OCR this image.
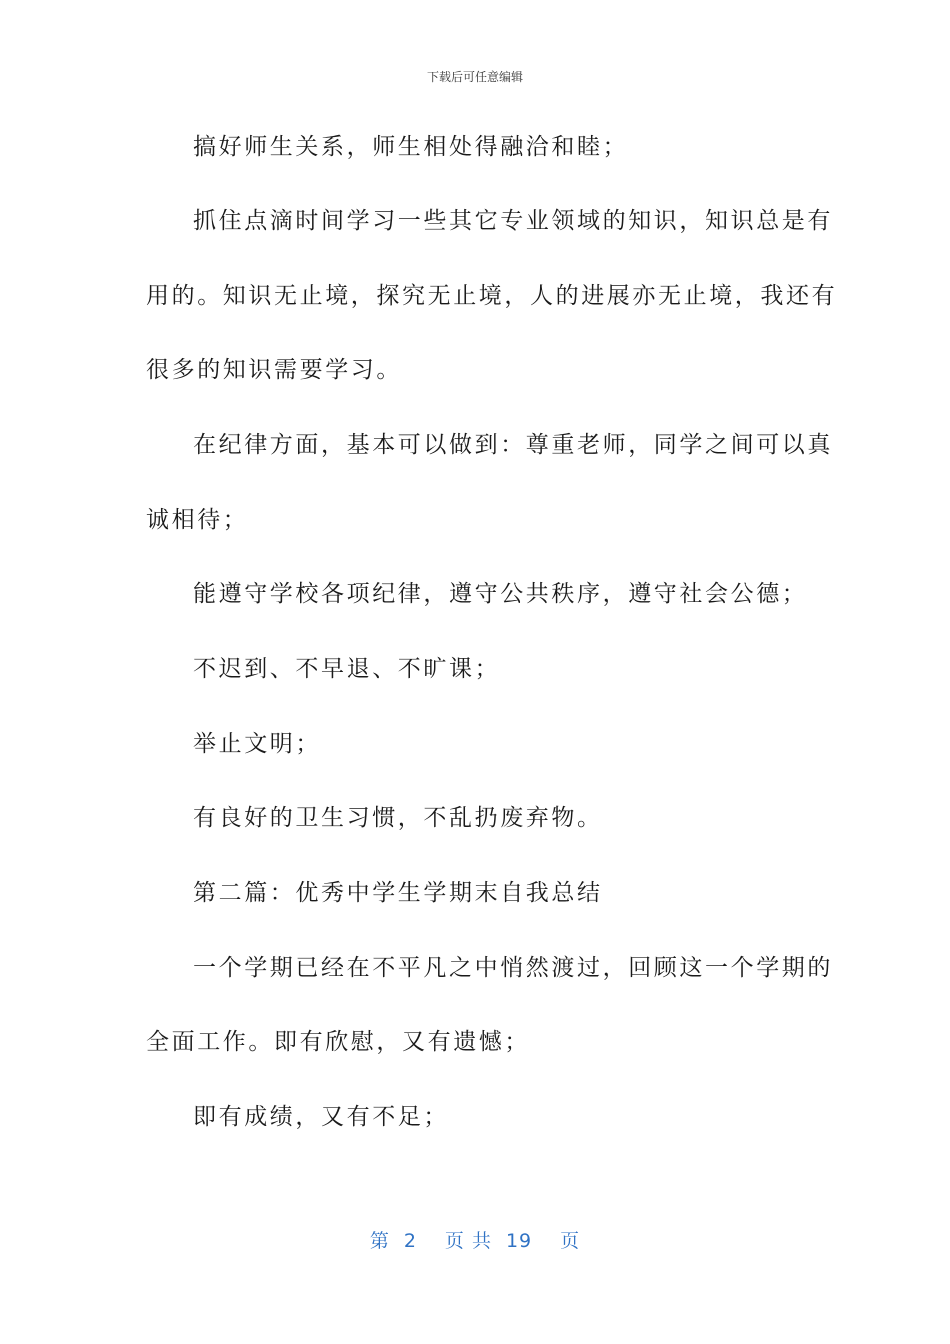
下载后可任意编辑
搞好师生关系，师生相处得融洽和睦；
抓住点滴时间学习一些其它专业领域的知识，知识总是有
用的。知识无止境，探究无止境，人的进展亦无止境，我还有
很多的知识需要学习。
在纪律方面，基本可以做到：尊重老师，同学之间可以真
诚相待；
能遵守学校各项纪律，遵守公共秩序，遵守社会公德；
不迟到、不早退、不旷课；
举止文明；
有良好的卫生习惯，不乱扔废弃物。
第二篇：优秀中学生学期末自我总结
一个学期已经在不平凡之中悄然渡过，回顾这一个学期的
全面工作。即有欣慰，又有遗憾；
即有成绩，又有不足；
第 2 页 共 19 页
